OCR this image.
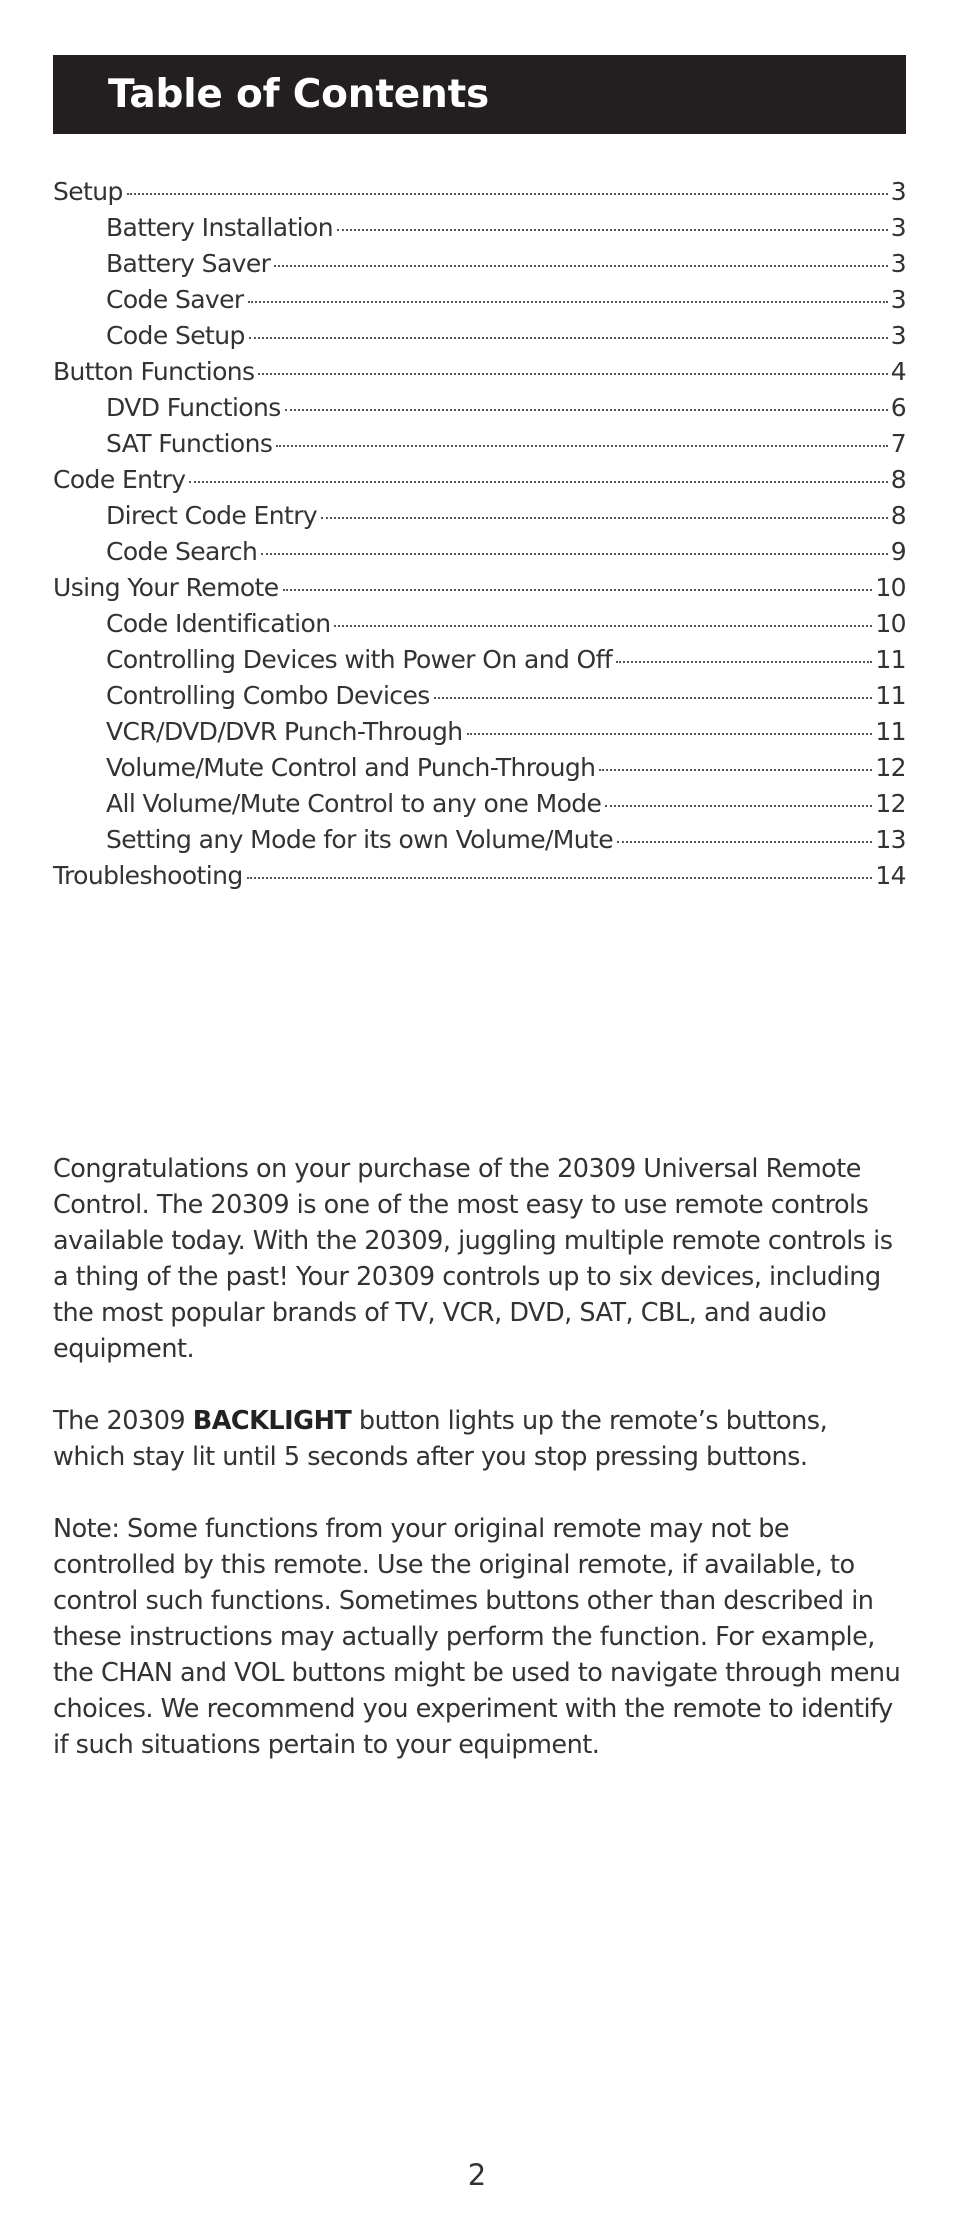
Table of Contents
Setup	3
Battery Installation	3
Battery Saver	3
Code Saver	3
Code Setup	3
Button Functions	4
DVD Functions	6
SAT Functions	7
Code Entry	8
Direct Code Entry	8
Code Search	9
Using Your Remote	10
Code Identification	10
Controlling Devices with Power On and Off	11
Controlling Combo Devices	11
VCR/DVD/DVR Punch-Through	11
Volume/Mute Control and Punch-Through	12
All Volume/Mute Control to any one Mode	12
Setting any Mode for its own Volume/Mute	13
Troubleshooting	14

Congratulations on your purchase of the 20309 Universal Remote Control. The 20309 is one of the most easy to use remote controls available today. With the 20309, juggling multiple remote controls is a thing of the past! Your 20309 controls up to six devices, including the most popular brands of TV, VCR, DVD, SAT, CBL, and audio equipment.

The 20309 BACKLIGHT button lights up the remote’s buttons, which stay lit until 5 seconds after you stop pressing buttons.

Note: Some functions from your original remote may not be controlled by this remote. Use the original remote, if available, to control such functions. Sometimes buttons other than described in these instructions may actually perform the function. For example, the CHAN and VOL buttons might be used to navigate through menu choices. We recommend you experiment with the remote to identify if such situations pertain to your equipment.

2
